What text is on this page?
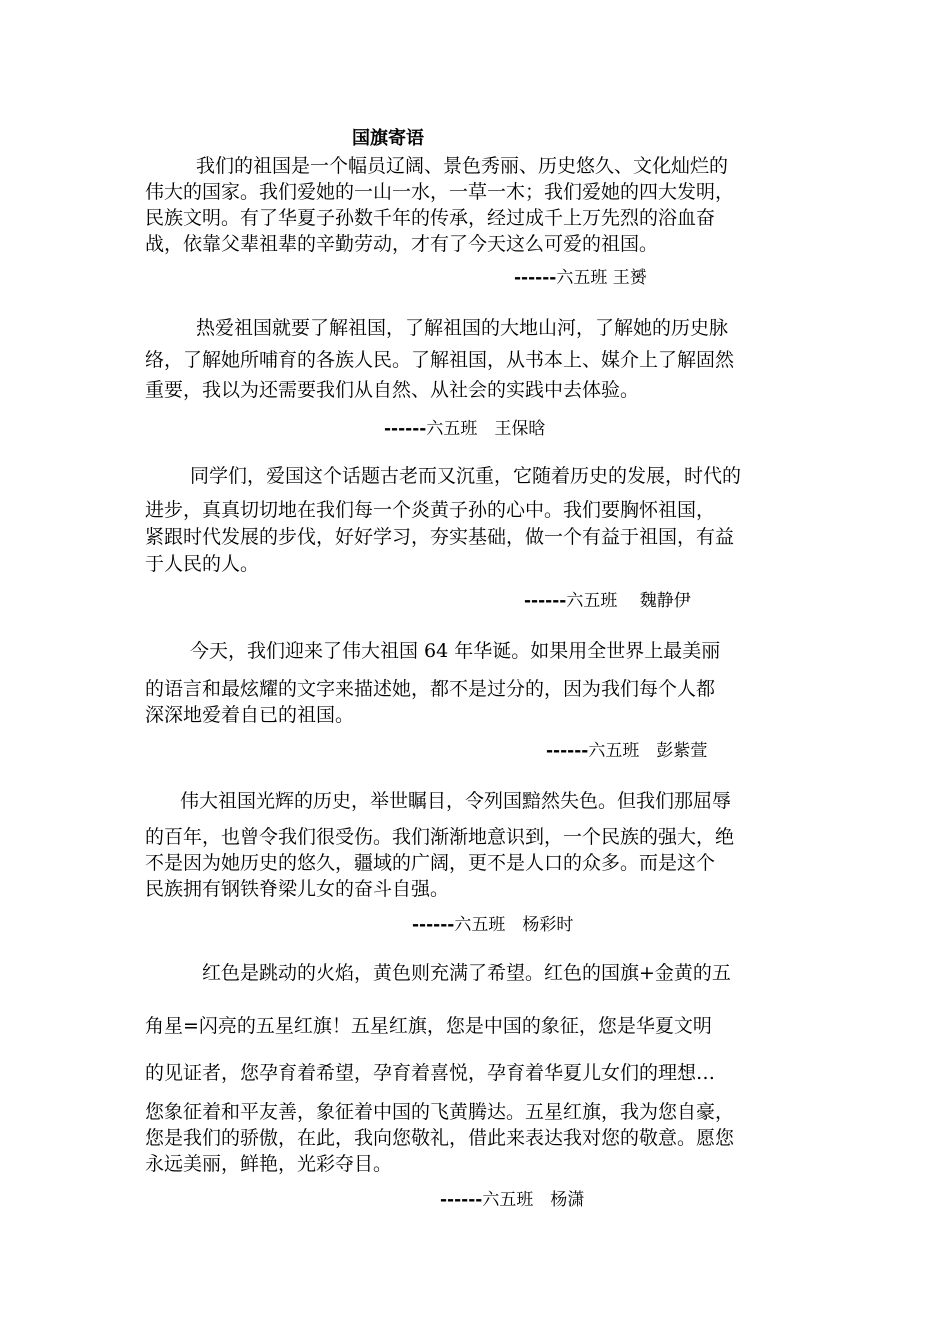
国旗寄语
我们的祖国是一个幅员辽阔、景色秀丽、历史悠久、文化灿烂的
伟大的国家。我们爱她的一山一水，一草一木；我们爱她的四大发明，
民族文明。有了华夏子孙数千年的传承，经过成千上万先烈的浴血奋
战，依靠父辈祖辈的辛勤劳动，才有了今天这么可爱的祖国。
------六五班 王赟
热爱祖国就要了解祖国，了解祖国的大地山河，了解她的历史脉
络，了解她所哺育的各族人民。了解祖国，从书本上、媒介上了解固然
重要，我以为还需要我们从自然、从社会的实践中去体验。
------六五班　王保晗
同学们，爱国这个话题古老而又沉重，它随着历史的发展，时代的
进步，真真切切地在我们每一个炎黄子孙的心中。我们要胸怀祖国，
紧跟时代发展的步伐，好好学习，夯实基础，做一个有益于祖国，有益
于人民的人。
------六五班　 魏静伊
今天，我们迎来了伟大祖国 64 年华诞。如果用全世界上最美丽
的语言和最炫耀的文字来描述她，都不是过分的，因为我们每个人都
深深地爱着自已的祖国。
------六五班　彭紫萱
伟大祖国光辉的历史，举世瞩目，令列国黯然失色。但我们那屈辱
的百年，也曾令我们很受伤。我们渐渐地意识到，一个民族的强大，绝
不是因为她历史的悠久，疆域的广阔，更不是人口的众多。而是这个
民族拥有钢铁脊梁儿女的奋斗自强。
------六五班　杨彩时
红色是跳动的火焰，黄色则充满了希望。红色的国旗+金黄的五
角星=闪亮的五星红旗！五星红旗，您是中国的象征，您是华夏文明
的见证者，您孕育着希望，孕育着喜悦，孕育着华夏儿女们的理想…
您象征着和平友善，象征着中国的飞黄腾达。五星红旗，我为您自豪，
您是我们的骄傲，在此，我向您敬礼，借此来表达我对您的敬意。愿您
永远美丽，鲜艳，光彩夺目。
------六五班　杨潇
